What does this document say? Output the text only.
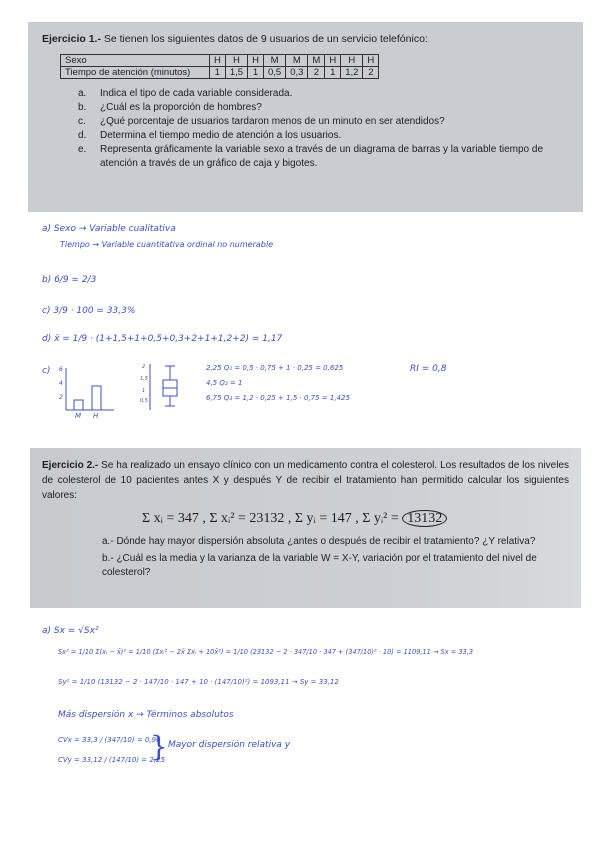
Ejercicio 1.- Se tienen los siguientes datos de 9 usuarios de un servicio telefónico:
Sexo	H	H	H	M	M	M	H	H	H
Tiempo de atención (minutos)	1	1,5	1	0,5	0,3	2	1	1,2	2
a.	Indica el tipo de cada variable considerada.
b.	¿Cuál es la proporción de hombres?
c.	¿Qué porcentaje de usuarios tardaron menos de un minuto en ser atendidos?
d.	Determina el tiempo medio de atención a los usuarios.
e.	Representa gráficamente la variable sexo a través de un diagrama de barras y la variable tiempo de atención a través de un gráfico de caja y bigotes.
a) Sexo → Variable cualitativa
Tiempo → Variable cuantitativa ordinal no numerable
b) 6/9 = 2/3
c) 3/9 · 100 = 33,3%
d) x̄ = 1/9 · (1+1,5+1+0,5+0,3+2+1+1,2+2) = 1,17
c) 6
4
2
M H
2
1,5
1
0,5
2,25 Q₁ = 0,5 · 0,75 + 1 · 0,25 = 0,625
4,5 Q₂ = 1
6,75 Q₃ = 1,2 · 0,25 + 1,5 · 0,75 = 1,425
RI = 0,8
Ejercicio 2.- Se ha realizado un ensayo clínico con un medicamento contra el colesterol. Los resultados de los niveles de colesterol de 10 pacientes antes X y después Y de recibir el tratamiento han permitido calcular los siguientes valores:
Σ xᵢ = 347 , Σ xᵢ² = 23132 , Σ yᵢ = 147 , Σ yᵢ² = 13132
a.- Dónde hay mayor dispersión absoluta ¿antes o después de recibir el tratamiento? ¿Y relativa?
b.- ¿Cuál es la media y la varianza de la variable W = X-Y, variación por el tratamiento del nivel de colesterol?
a) Sx = √Sx²
Sx² = 1/10 Σ(xᵢ − x̄)² = 1/10 (Σxᵢ² − 2x̄ Σxᵢ + 10x̄²) = 1/10 (23132 − 2 · 347/10 · 347 + (347/10)² · 10) = 1109,11 → Sx = 33,3
Sy² = 1/10 (13132 − 2 · 147/10 · 147 + 10 · (147/10)²) = 1093,11 → Sy = 33,12
Más dispersión x → Términos absolutos
CVx = 33,3 / (347/10) = 0,96
CVy = 33,12 / (147/10) = 2,25
} Mayor dispersión relativa y
